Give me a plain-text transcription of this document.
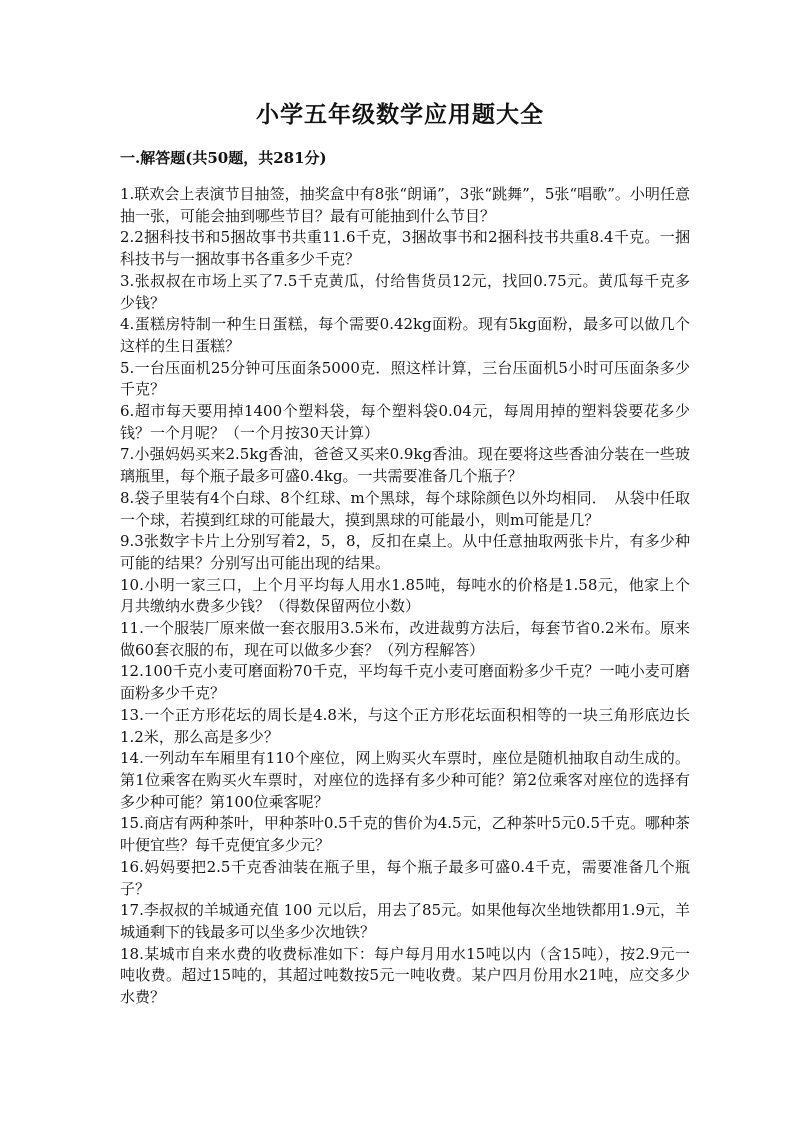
小学五年级数学应用题大全
一.解答题(共50题，共281分)
1.联欢会上表演节目抽签，抽奖盒中有8张“朗诵”，3张“跳舞”，5张“唱歌”。小明任意抽一张，可能会抽到哪些节目？最有可能抽到什么节目？
2.2捆科技书和5捆故事书共重11.6千克，3捆故事书和2捆科技书共重8.4千克。一捆科技书与一捆故事书各重多少千克？
3.张叔叔在市场上买了7.5千克黄瓜，付给售货员12元，找回0.75元。黄瓜每千克多少钱？
4.蛋糕房特制一种生日蛋糕，每个需要0.42kg面粉。现有5kg面粉，最多可以做几个这样的生日蛋糕？
5.一台压面机25分钟可压面条5000克．照这样计算，三台压面机5小时可压面条多少千克？
6.超市每天要用掉1400个塑料袋，每个塑料袋0.04元，每周用掉的塑料袋要花多少钱？一个月呢？（一个月按30天计算）
7.小强妈妈买来2.5kg香油，爸爸又买来0.9kg香油。现在要将这些香油分装在一些玻璃瓶里，每个瓶子最多可盛0.4kg。一共需要准备几个瓶子？
8.袋子里装有4个白球、8个红球、m个黑球，每个球除颜色以外均相同．　从袋中任取一个球，若摸到红球的可能最大，摸到黑球的可能最小，则m可能是几？
9.3张数字卡片上分别写着2，5，8，反扣在桌上。从中任意抽取两张卡片，有多少种可能的结果？分别写出可能出现的结果。
10.小明一家三口，上个月平均每人用水1.85吨，每吨水的价格是1.58元，他家上个月共缴纳水费多少钱？（得数保留两位小数）
11.一个服装厂原来做一套衣服用3.5米布，改进裁剪方法后，每套节省0.2米布。原来做60套衣服的布，现在可以做多少套？（列方程解答）
12.100千克小麦可磨面粉70千克，平均每千克小麦可磨面粉多少千克？一吨小麦可磨面粉多少千克？
13.一个正方形花坛的周长是4.8米，与这个正方形花坛面积相等的一块三角形底边长1.2米，那么高是多少？
14.一列动车车厢里有110个座位，网上购买火车票时，座位是随机抽取自动生成的。第1位乘客在购买火车票时，对座位的选择有多少种可能？第2位乘客对座位的选择有多少种可能？第100位乘客呢？
15.商店有两种茶叶，甲种茶叶0.5千克的售价为4.5元，乙种茶叶5元0.5千克。哪种茶叶便宜些？每千克便宜多少元？
16.妈妈要把2.5千克香油装在瓶子里，每个瓶子最多可盛0.4千克，需要准备几个瓶子？
17.李叔叔的羊城通充值 100 元以后，用去了85元。如果他每次坐地铁都用1.9元，羊城通剩下的钱最多可以坐多少次地铁？
18.某城市自来水费的收费标准如下：每户每月用水15吨以内（含15吨），按2.9元一吨收费。超过15吨的，其超过吨数按5元一吨收费。某户四月份用水21吨，应交多少水费？
